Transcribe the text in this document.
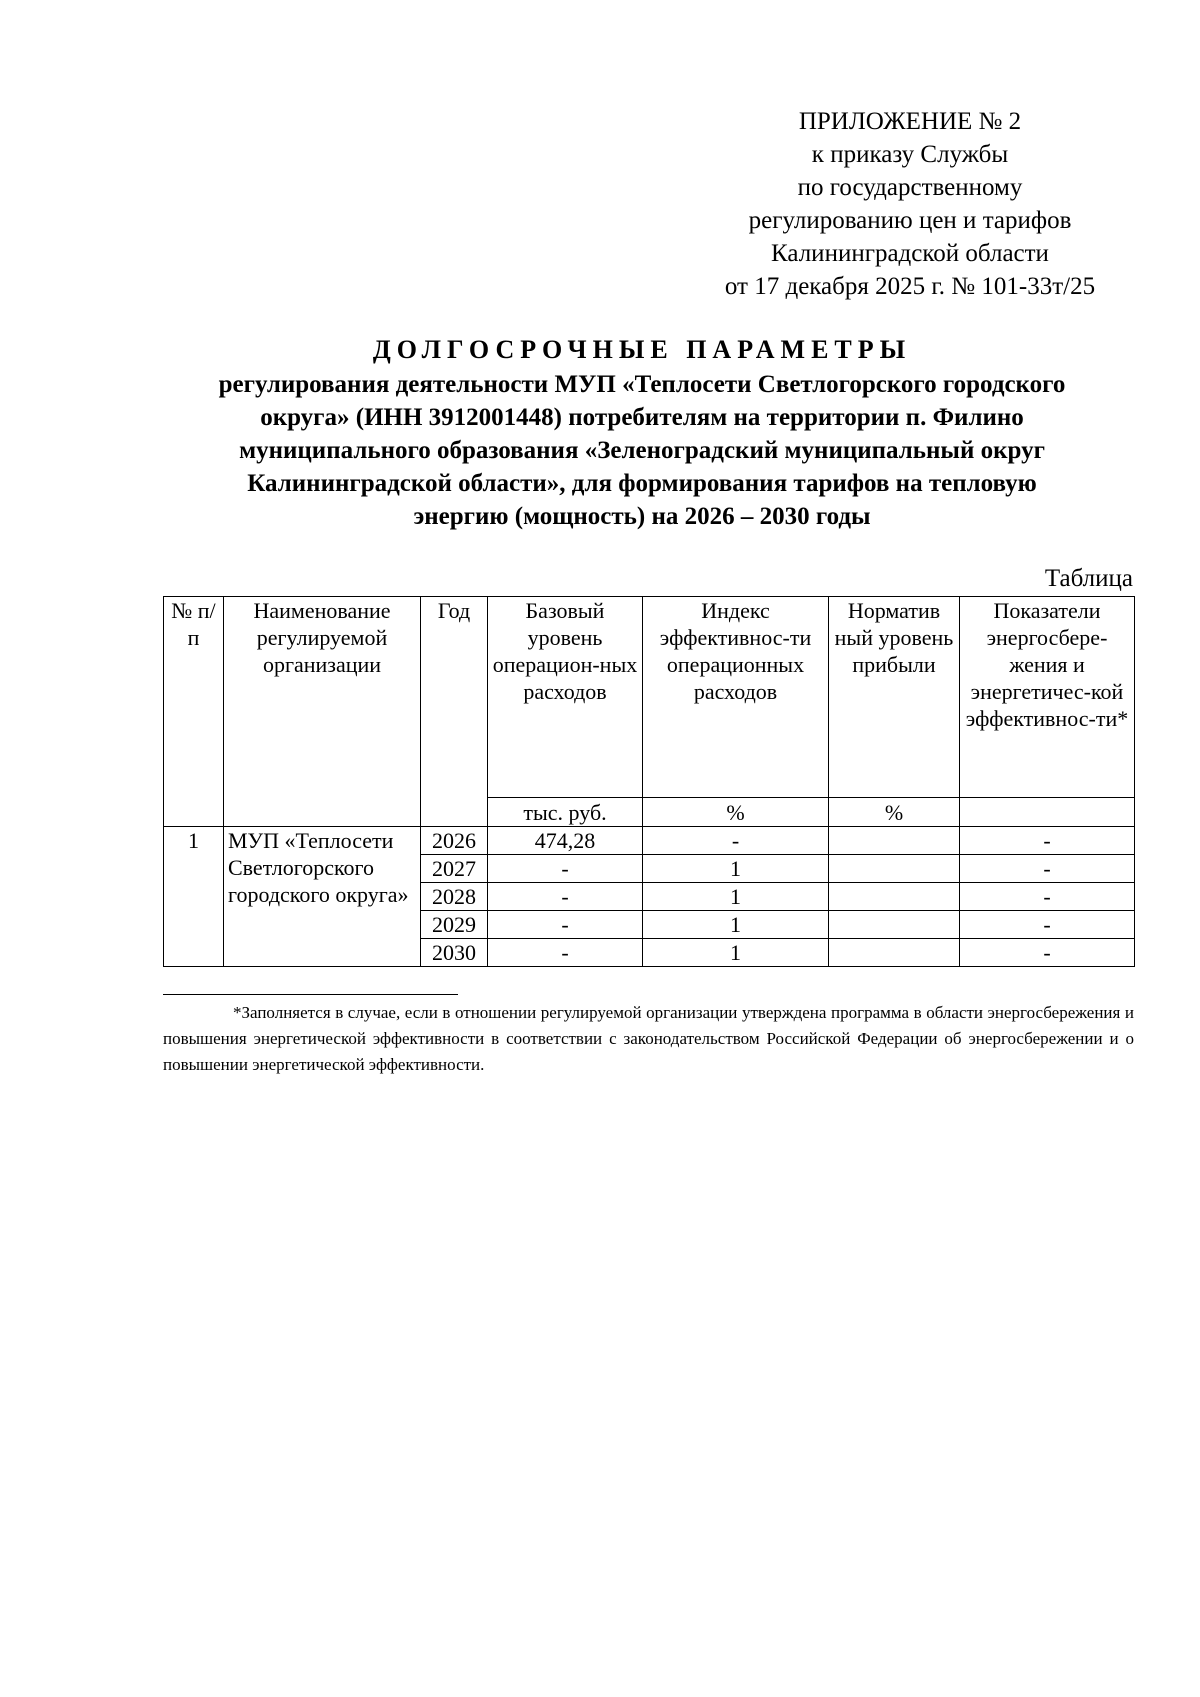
ПРИЛОЖЕНИЕ № 2
к приказу Службы
по государственному
регулированию цен и тарифов
Калининградской области
от 17 декабря 2025 г. № 101-33т/25
ДОЛГОСРОЧНЫЕ ПАРАМЕТРЫ
регулирования деятельности МУП «Теплосети Светлогорского городского
округа» (ИНН 3912001448) потребителям на территории п. Филино
муниципального образования «Зеленоградский муниципальный округ
Калининградской области», для формирования тарифов на тепловую
энергию (мощность) на 2026 – 2030 годы
Таблица
№ п/п	Наименование регулируемой организации	Год	Базовый уровень операцион-ных расходов	Индекс эффективнос-ти операционных расходов	Норматив ный уровень прибыли	Показатели энергосбере-жения и энергетичес-кой эффективнос-ти*
			тыс. руб.	%	%	
1	МУП «Теплосети Светлогорского городского округа»	2026	474,28	-		-
		2027	-	1		-
		2028	-	1		-
		2029	-	1		-
		2030	-	1		-
*Заполняется в случае, если в отношении регулируемой организации утверждена программа в области энергосбережения и повышения энергетической эффективности в соответствии с законодательством Российской Федерации об энергосбережении и о повышении энергетической эффективности.
